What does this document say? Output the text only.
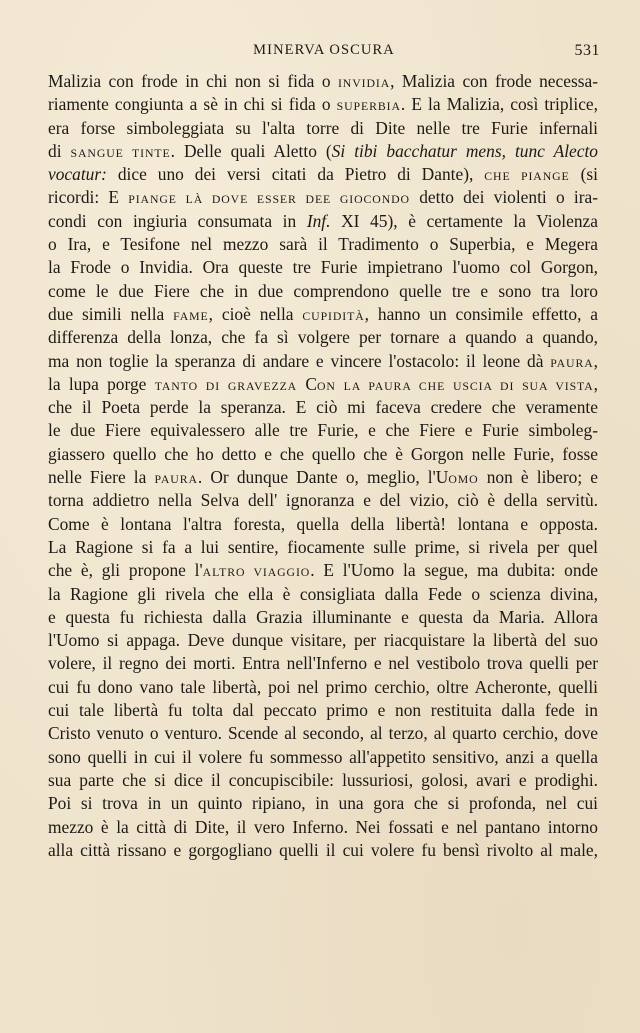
MINERVA OSCURA	531
Malizia con frode in chi non si fida o INVIDIA, Malizia con frode necessa-
riamente congiunta a sè in chi si fida o SUPERBIA. E la Malizia, così triplice,
era forse simboleggiata su l'alta torre di Dite nelle tre Furie infernali
di SANGUE TINTE. Delle quali Aletto (Si tibi bacchatur mens, tunc Alecto
vocatur: dice uno dei versi citati da Pietro di Dante), CHE PIANGE (si
ricordi: E PIANGE LÀ DOVE ESSER DEE GIOCONDO detto dei violenti o ira-
condi con ingiuria consumata in Inf. XI 45), è certamente la Violenza
o Ira, e Tesifone nel mezzo sarà il Tradimento o Superbia, e Megera
la Frode o Invidia. Ora queste tre Furie impietrano l'uomo col Gorgon,
come le due Fiere che in due comprendono quelle tre e sono tra loro
due simili nella FAME, cioè nella CUPIDITÀ, hanno un consimile effetto, a
differenza della lonza, che fa sì volgere per tornare a quando a quando,
ma non toglie la speranza di andare e vincere l'ostacolo: il leone dà PAURA,
la lupa porge TANTO DI GRAVEZZA CON LA PAURA CHE USCIA DI SUA VISTA,
che il Poeta perde la speranza. E ciò mi faceva credere che veramente
le due Fiere equivalessero alle tre Furie, e che Fiere e Furie simboleg-
giassero quello che ho detto e che quello che è Gorgon nelle Furie, fosse
nelle Fiere la PAURA. Or dunque Dante o, meglio, l'UOMO non è libero; e
torna addietro nella Selva dell' ignoranza e del vizio, ciò è della servitù.
Come è lontana l'altra foresta, quella della libertà! lontana e opposta.
La Ragione si fa a lui sentire, fiocamente sulle prime, si rivela per quel
che è, gli propone l'ALTRO VIAGGIO. E l'Uomo la segue, ma dubita: onde
la Ragione gli rivela che ella è consigliata dalla Fede o scienza divina,
e questa fu richiesta dalla Grazia illuminante e questa da Maria. Allora
l'Uomo si appaga. Deve dunque visitare, per riacquistare la libertà del suo
volere, il regno dei morti. Entra nell'Inferno e nel vestibolo trova quelli per
cui fu dono vano tale libertà, poi nel primo cerchio, oltre Acheronte, quelli
cui tale libertà fu tolta dal peccato primo e non restituita dalla fede in
Cristo venuto o venturo. Scende al secondo, al terzo, al quarto cerchio, dove
sono quelli in cui il volere fu sommesso all'appetito sensitivo, anzi a quella
sua parte che si dice il concupiscibile: lussuriosi, golosi, avari e prodighi.
Poi si trova in un quinto ripiano, in una gora che si profonda, nel cui
mezzo è la città di Dite, il vero Inferno. Nei fossati e nel pantano intorno
alla città rissano e gorgogliano quelli il cui volere fu bensì rivolto al male,
